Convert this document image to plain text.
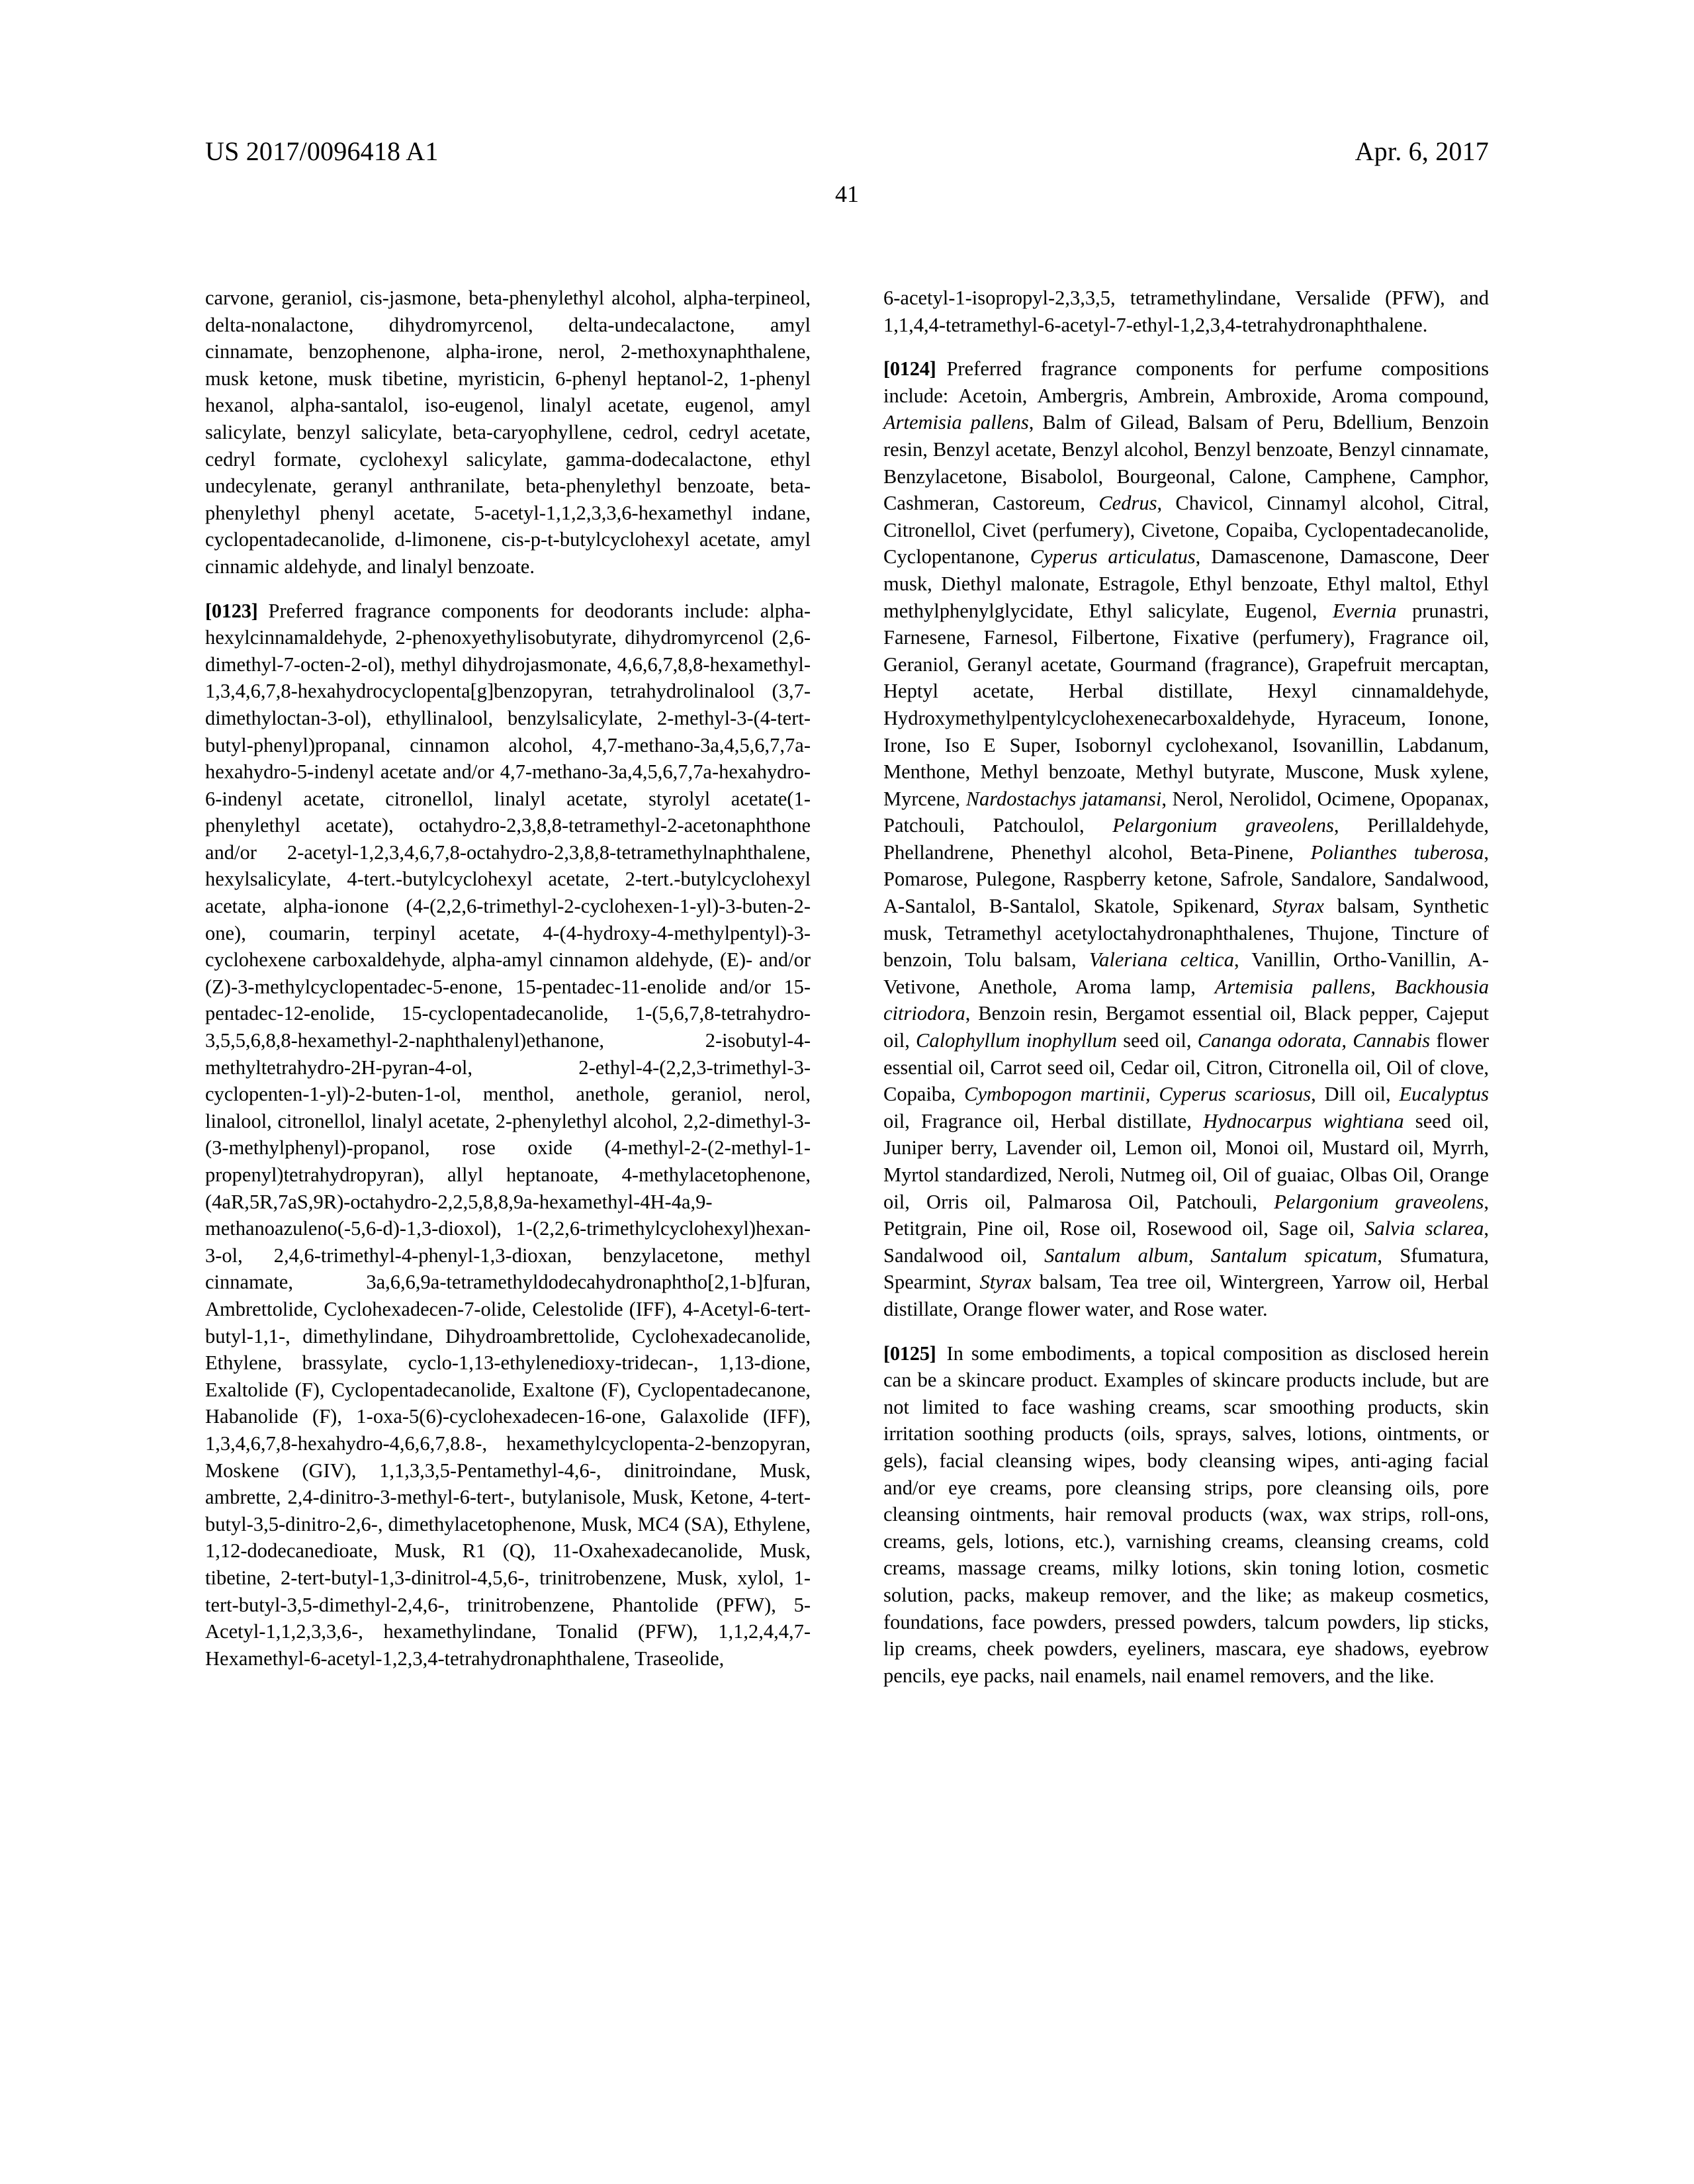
US 2017/0096418 A1	Apr. 6, 2017
41

carvone, geraniol, cis-jasmone, beta-phenylethyl alcohol, alpha-terpineol, delta-nonalactone, dihydromyrcenol, delta-undecalactone, amyl cinnamate, benzophenone, alpha-irone, nerol, 2-methoxynaphthalene, musk ketone, musk tibetine, myristicin, 6-phenyl heptanol-2, 1-phenyl hexanol, alpha-santalol, iso-eugenol, linalyl acetate, eugenol, amyl salicylate, benzyl salicylate, beta-caryophyllene, cedrol, cedryl acetate, cedryl formate, cyclohexyl salicylate, gamma-dodecalactone, ethyl undecylenate, geranyl anthranilate, beta-phenylethyl benzoate, beta-phenylethyl phenyl acetate, 5-acetyl-1,1,2,3,3,6-hexamethyl indane, cyclopentadecanolide, d-limonene, cis-p-t-butylcyclohexyl acetate, amyl cinnamic aldehyde, and linalyl benzoate.

[0123] Preferred fragrance components for deodorants include: alpha-hexylcinnamaldehyde, 2-phenoxyethylisobutyrate, dihydromyrcenol (2,6-dimethyl-7-octen-2-ol), methyl dihydrojasmonate, 4,6,6,7,8,8-hexamethyl-1,3,4,6,7,8-hexahydrocyclopenta[g]benzopyran, tetrahydrolinalool (3,7-dimethyloctan-3-ol), ethyllinalool, benzylsalicylate, 2-methyl-3-(4-tert-butyl-phenyl)propanal, cinnamon alcohol, 4,7-methano-3a,4,5,6,7,7a-hexahydro-5-indenyl acetate and/or 4,7-methano-3a,4,5,6,7,7a-hexahydro-6-indenyl acetate, citronellol, linalyl acetate, styrolyl acetate(1-phenylethyl acetate), octahydro-2,3,8,8-tetramethyl-2-acetonaphthone and/or 2-acetyl-1,2,3,4,6,7,8-octahydro-2,3,8,8-tetramethylnaphthalene, hexylsalicylate, 4-tert.-butylcyclohexyl acetate, 2-tert.-butylcyclohexyl acetate, alpha-ionone (4-(2,2,6-trimethyl-2-cyclohexen-1-yl)-3-buten-2-one), coumarin, terpinyl acetate, 4-(4-hydroxy-4-methylpentyl)-3-cyclohexene carboxaldehyde, alpha-amyl cinnamon aldehyde, (E)- and/or (Z)-3-methylcyclopentadec-5-enone, 15-pentadec-11-enolide and/or 15-pentadec-12-enolide, 15-cyclopentadecanolide, 1-(5,6,7,8-tetrahydro-3,5,5,6,8,8-hexamethyl-2-naphthalenyl)ethanone, 2-isobutyl-4-methyltetrahydro-2H-pyran-4-ol, 2-ethyl-4-(2,2,3-trimethyl-3-cyclopenten-1-yl)-2-buten-1-ol, menthol, anethole, geraniol, nerol, linalool, citronellol, linalyl acetate, 2-phenylethyl alcohol, 2,2-dimethyl-3-(3-methylphenyl)-propanol, rose oxide (4-methyl-2-(2-methyl-1-propenyl)tetrahydropyran), allyl heptanoate, 4-methylacetophenone, (4aR,5R,7aS,9R)-octahydro-2,2,5,8,8,9a-hexamethyl-4H-4a,9-methanoazuleno(-5,6-d)-1,3-dioxol), 1-(2,2,6-trimethylcyclohexyl)hexan-3-ol, 2,4,6-trimethyl-4-phenyl-1,3-dioxan, benzylacetone, methyl cinnamate, 3a,6,6,9a-tetramethyldodecahydronaphtho[2,1-b]furan, Ambrettolide, Cyclohexadecen-7-olide, Celestolide (IFF), 4-Acetyl-6-tert-butyl-1,1-, dimethylindane, Dihydroambrettolide, Cyclohexadecanolide, Ethylene, brassylate, cyclo-1,13-ethylenedioxy-tridecan-, 1,13-dione, Exaltolide (F), Cyclopentadecanolide, Exaltone (F), Cyclopentadecanone, Habanolide (F), 1-oxa-5(6)-cyclohexadecen-16-one, Galaxolide (IFF), 1,3,4,6,7,8-hexahydro-4,6,6,7,8.8-, hexamethylcyclopenta-2-benzopyran, Moskene (GIV), 1,1,3,3,5-Pentamethyl-4,6-, dinitroindane, Musk, ambrette, 2,4-dinitro-3-methyl-6-tert-, butylanisole, Musk, Ketone, 4-tert-butyl-3,5-dinitro-2,6-, dimethylacetophenone, Musk, MC4 (SA), Ethylene, 1,12-dodecanedioate, Musk, R1 (Q), 11-Oxahexadecanolide, Musk, tibetine, 2-tert-butyl-1,3-dinitrol-4,5,6-, trinitrobenzene, Musk, xylol, 1-tert-butyl-3,5-dimethyl-2,4,6-, trinitrobenzene, Phantolide (PFW), 5-Acetyl-1,1,2,3,3,6-, hexamethylindane, Tonalid (PFW), 1,1,2,4,4,7-Hexamethyl-6-acetyl-1,2,3,4-tetrahydronaphthalene, Traseolide,

6-acetyl-1-isopropyl-2,3,3,5, tetramethylindane, Versalide (PFW), and 1,1,4,4-tetramethyl-6-acetyl-7-ethyl-1,2,3,4-tetrahydronaphthalene.

[0124] Preferred fragrance components for perfume compositions include: Acetoin, Ambergris, Ambrein, Ambroxide, Aroma compound, Artemisia pallens, Balm of Gilead, Balsam of Peru, Bdellium, Benzoin resin, Benzyl acetate, Benzyl alcohol, Benzyl benzoate, Benzyl cinnamate, Benzylacetone, Bisabolol, Bourgeonal, Calone, Camphene, Camphor, Cashmeran, Castoreum, Cedrus, Chavicol, Cinnamyl alcohol, Citral, Citronellol, Civet (perfumery), Civetone, Copaiba, Cyclopentadecanolide, Cyclopentanone, Cyperus articulatus, Damascenone, Damascone, Deer musk, Diethyl malonate, Estragole, Ethyl benzoate, Ethyl maltol, Ethyl methylphenylglycidate, Ethyl salicylate, Eugenol, Evernia prunastri, Farnesene, Farnesol, Filbertone, Fixative (perfumery), Fragrance oil, Geraniol, Geranyl acetate, Gourmand (fragrance), Grapefruit mercaptan, Heptyl acetate, Herbal distillate, Hexyl cinnamaldehyde, Hydroxymethylpentylcyclohexenecarboxaldehyde, Hyraceum, Ionone, Irone, Iso E Super, Isobornyl cyclohexanol, Isovanillin, Labdanum, Menthone, Methyl benzoate, Methyl butyrate, Muscone, Musk xylene, Myrcene, Nardostachys jatamansi, Nerol, Nerolidol, Ocimene, Opopanax, Patchouli, Patchoulol, Pelargonium graveolens, Perillaldehyde, Phellandrene, Phenethyl alcohol, Beta-Pinene, Polianthes tuberosa, Pomarose, Pulegone, Raspberry ketone, Safrole, Sandalore, Sandalwood, A-Santalol, B-Santalol, Skatole, Spikenard, Styrax balsam, Synthetic musk, Tetramethyl acetyloctahydronaphthalenes, Thujone, Tincture of benzoin, Tolu balsam, Valeriana celtica, Vanillin, Ortho-Vanillin, A-Vetivone, Anethole, Aroma lamp, Artemisia pallens, Backhousia citriodora, Benzoin resin, Bergamot essential oil, Black pepper, Cajeput oil, Calophyllum inophyllum seed oil, Cananga odorata, Cannabis flower essential oil, Carrot seed oil, Cedar oil, Citron, Citronella oil, Oil of clove, Copaiba, Cymbopogon martinii, Cyperus scariosus, Dill oil, Eucalyptus oil, Fragrance oil, Herbal distillate, Hydnocarpus wightiana seed oil, Juniper berry, Lavender oil, Lemon oil, Monoi oil, Mustard oil, Myrrh, Myrtol standardized, Neroli, Nutmeg oil, Oil of guaiac, Olbas Oil, Orange oil, Orris oil, Palmarosa Oil, Patchouli, Pelargonium graveolens, Petitgrain, Pine oil, Rose oil, Rosewood oil, Sage oil, Salvia sclarea, Sandalwood oil, Santalum album, Santalum spicatum, Sfumatura, Spearmint, Styrax balsam, Tea tree oil, Wintergreen, Yarrow oil, Herbal distillate, Orange flower water, and Rose water.

[0125] In some embodiments, a topical composition as disclosed herein can be a skincare product. Examples of skincare products include, but are not limited to face washing creams, scar smoothing products, skin irritation soothing products (oils, sprays, salves, lotions, ointments, or gels), facial cleansing wipes, body cleansing wipes, anti-aging facial and/or eye creams, pore cleansing strips, pore cleansing oils, pore cleansing ointments, hair removal products (wax, wax strips, roll-ons, creams, gels, lotions, etc.), varnishing creams, cleansing creams, cold creams, massage creams, milky lotions, skin toning lotion, cosmetic solution, packs, makeup remover, and the like; as makeup cosmetics, foundations, face powders, pressed powders, talcum powders, lip sticks, lip creams, cheek powders, eyeliners, mascara, eye shadows, eyebrow pencils, eye packs, nail enamels, nail enamel removers, and the like.
